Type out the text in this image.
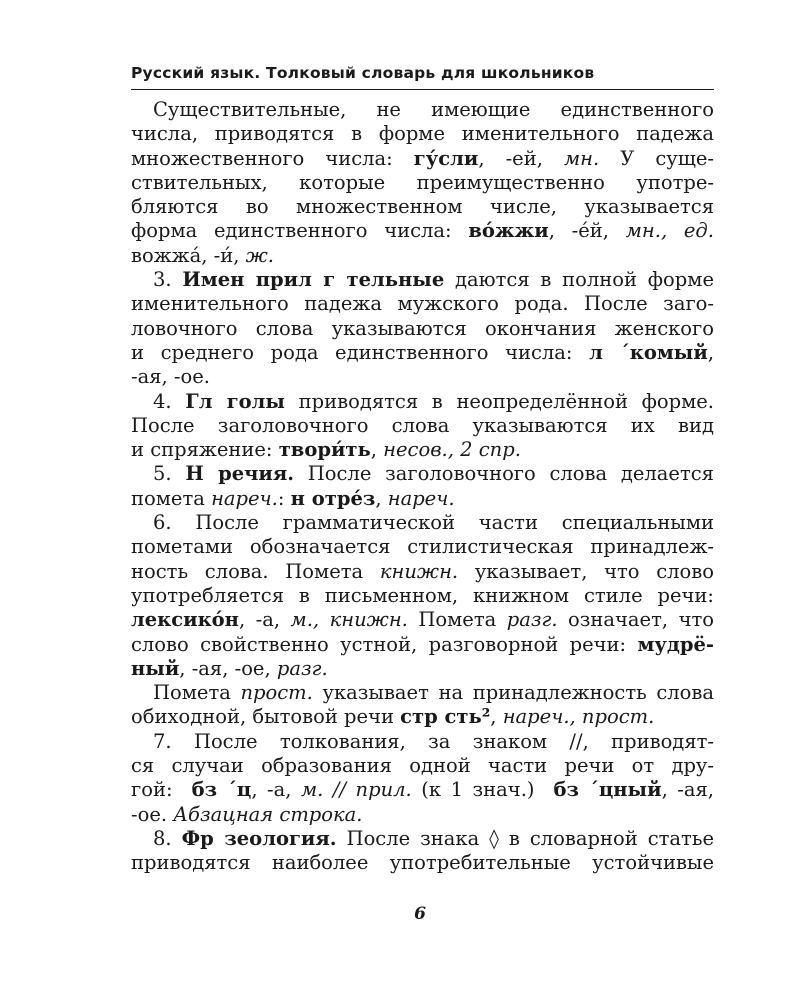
Русский язык. Толковый словарь для школьников
Существительные, не имеющие единственного
числа, приводятся в форме именительного падежа
множественного числа: гу́сли, -ей, мн. У суще-
ствительных, которые преимущественно употре-
бляются во множественном числе, указывается
форма единственного числа: во́жжи, -е́й, мн., ед.
вожжа́, -и́, ж.
3. Имен прил г тельные даются в полной форме
именительного падежа мужского рода. После заго-
ловочного слова указываются окончания женского
и среднего рода единственного числа: л ´комый,
-ая, -ое.
4. Гл голы приводятся в неопределённой форме.
После заголовочного слова указываются их вид
и спряжение: твори́ть, несов., 2 спр.
5. Н речия. После заголовочного слова делается
помета нареч.: н отре́з, нареч.
6. После грамматической части специальными
пометами обозначается стилистическая принадлеж-
ность слова. Помета книжн. указывает, что слово
употребляется в письменном, книжном стиле речи:
лексико́н, -а, м., книжн. Помета разг. означает, что
слово свойственно устной, разговорной речи: мудрё-
ный, -ая, -ое, разг.
Помета прост. указывает на принадлежность слова
обиходной, бытовой речи стр сть², нареч., прост.
7. После толкования, за знаком //, приводят-
ся случаи образования одной части речи от дру-
гой:  бз ´ц, -а, м. // прил. (к 1 знач.)  бз ´цный, -ая,
-ое. Абзацная строка.
8. Фр зеология. После знака ◊ в словарной статье
приводятся наиболее употребительные устойчивые
6
